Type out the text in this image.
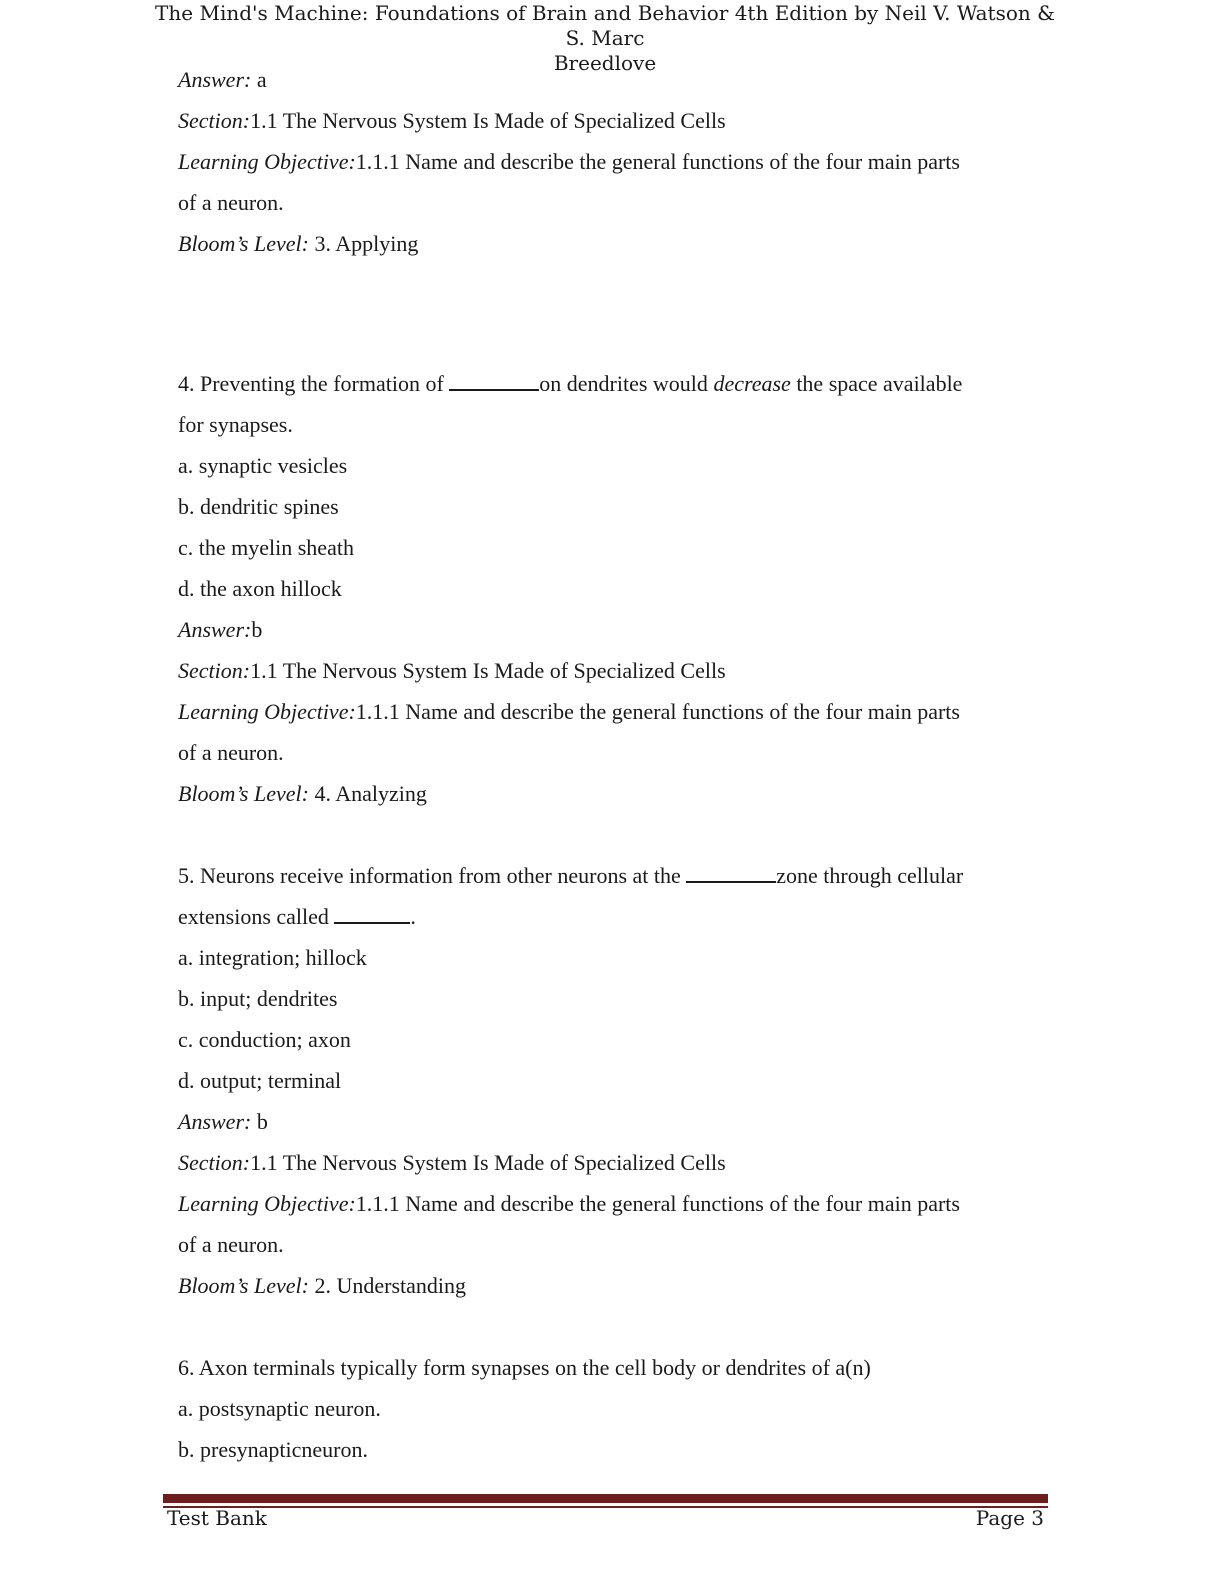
The Mind's Machine: Foundations of Brain and Behavior 4th Edition by Neil V. Watson & S. Marc
Breedlove
Answer: a
Section:1.1 The Nervous System Is Made of Specialized Cells
Learning Objective:1.1.1 Name and describe the general functions of the four main parts
of a neuron.
Bloom’s Level: 3. Applying
4. Preventing the formation of	on dendrites would decrease the space available
for synapses.
a. synaptic vesicles
b. dendritic spines
c. the myelin sheath
d. the axon hillock
Answer:b
Section:1.1 The Nervous System Is Made of Specialized Cells
Learning Objective:1.1.1 Name and describe the general functions of the four main parts
of a neuron.
Bloom’s Level: 4. Analyzing
5. Neurons receive information from other neurons at the	zone through cellular
extensions called	.
a. integration; hillock
b. input; dendrites
c. conduction; axon
d. output; terminal
Answer: b
Section:1.1 The Nervous System Is Made of Specialized Cells
Learning Objective:1.1.1 Name and describe the general functions of the four main parts
of a neuron.
Bloom’s Level: 2. Understanding
6. Axon terminals typically form synapses on the cell body or dendrites of a(n)
a. postsynaptic neuron.
b. presynapticneuron.
Test Bank	Page 3
